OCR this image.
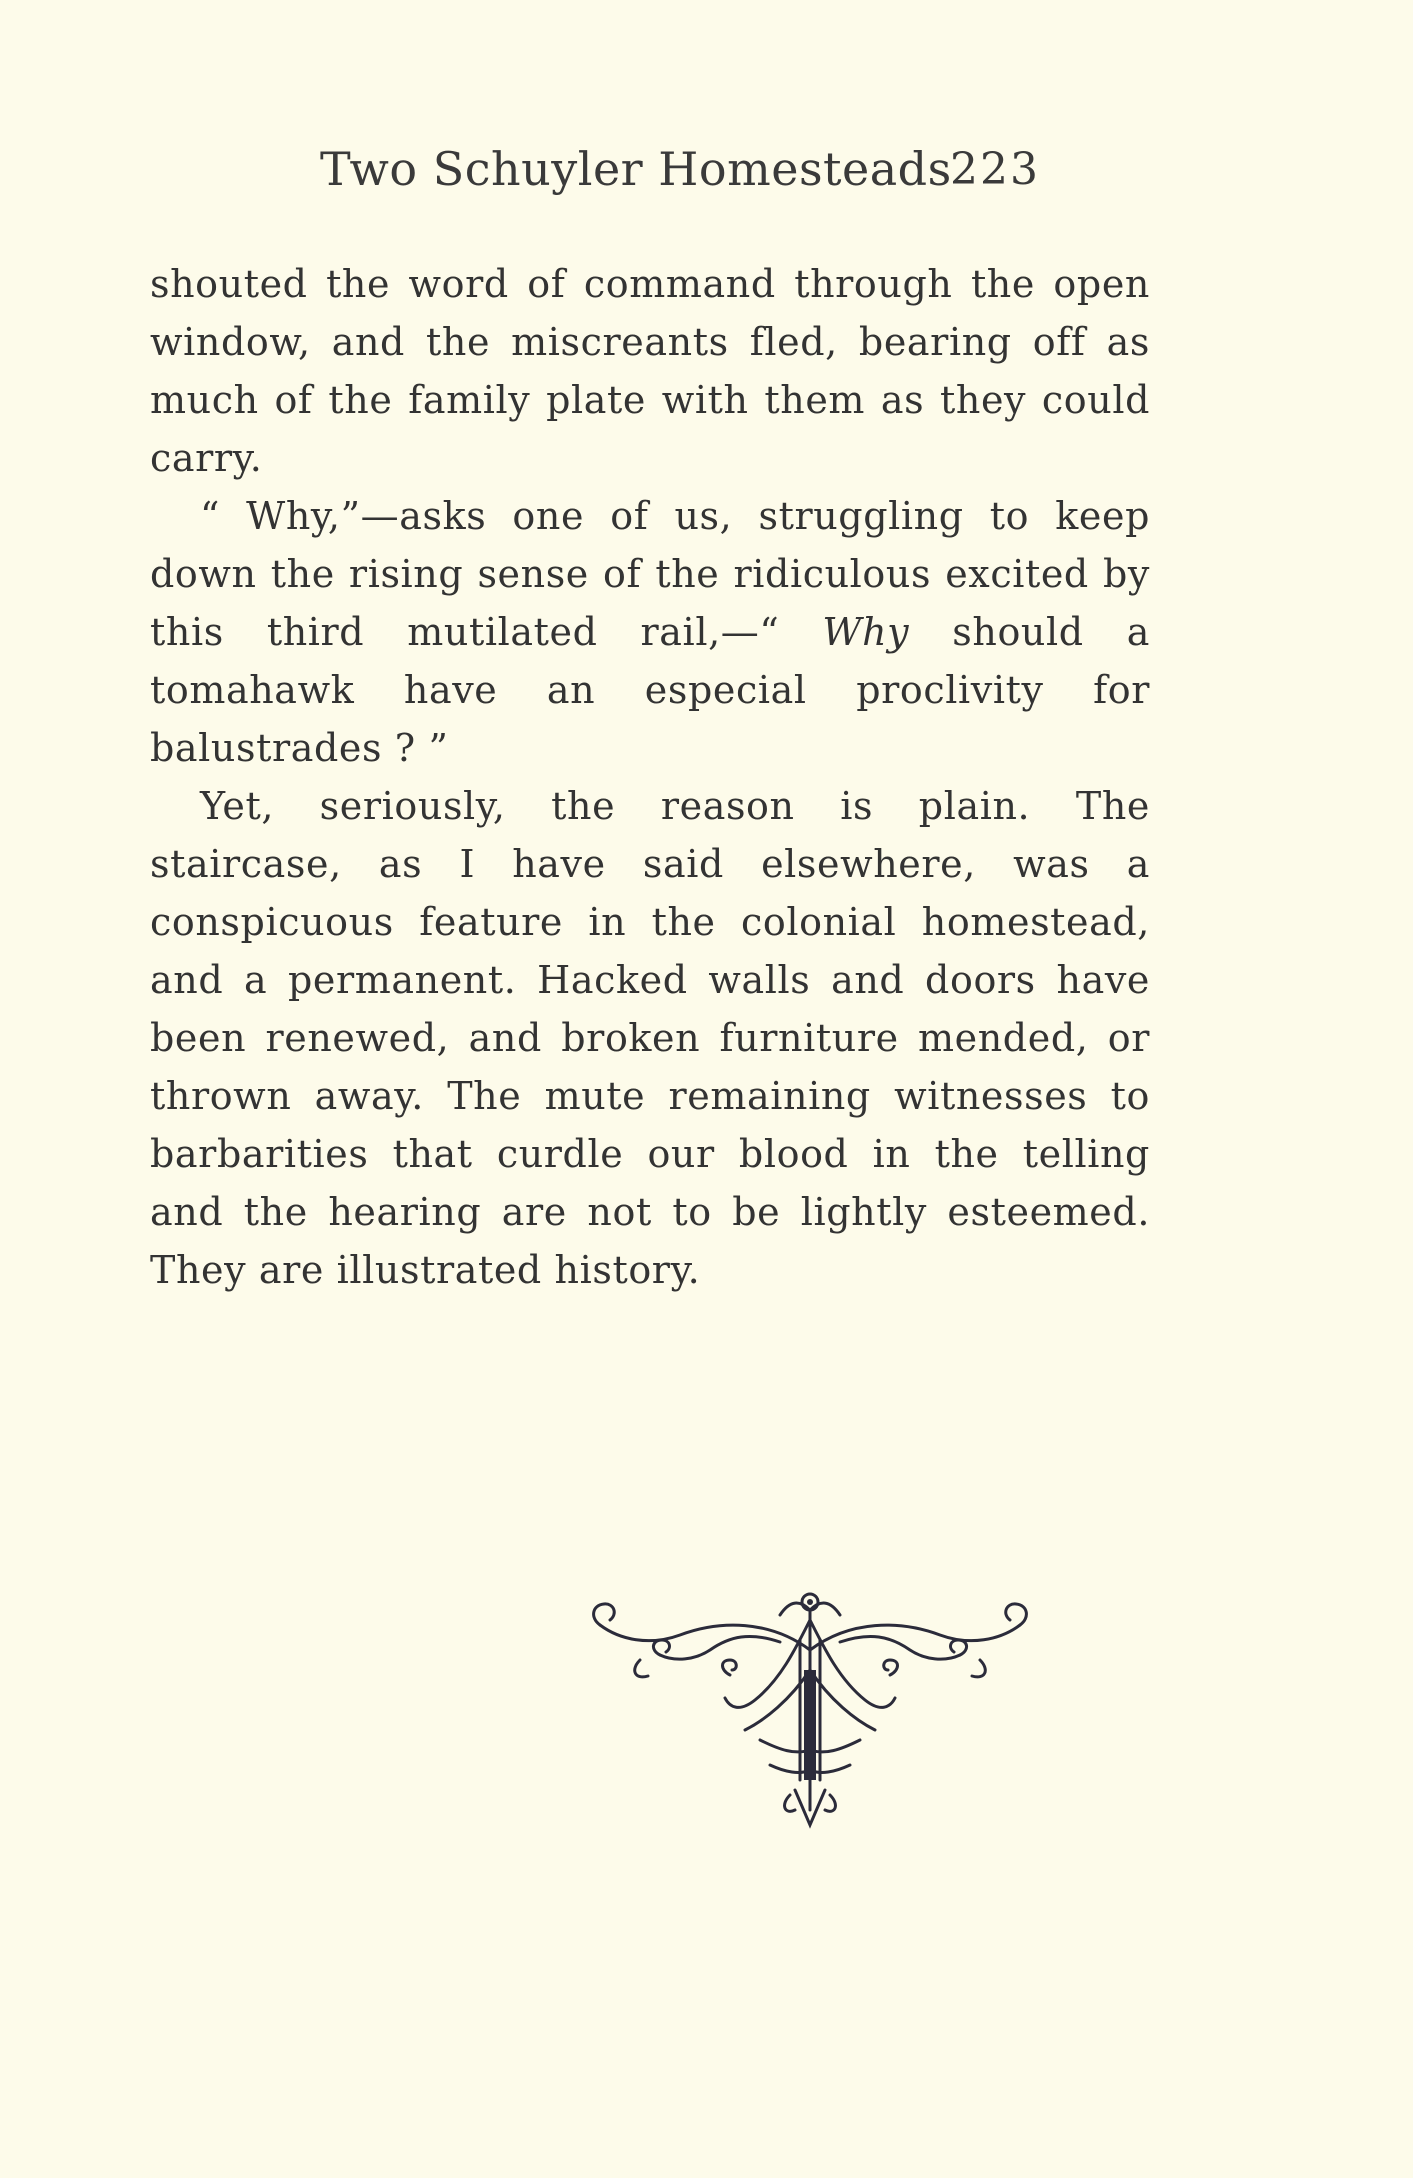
Two Schuyler Homesteads
223

shouted the word of command through the open window, and the miscreants fled, bearing off as much of the family plate with them as they could carry.

“ Why,”—asks one of us, struggling to keep down the rising sense of the ridiculous excited by this third mutilated rail,—“ Why should a tomahawk have an especial proclivity for balustrades ? ”

Yet, seriously, the reason is plain. The staircase, as I have said elsewhere, was a conspicuous feature in the colonial homestead, and a permanent. Hacked walls and doors have been renewed, and broken furniture mended, or thrown away. The mute remaining witnesses to barbarities that curdle our blood in the telling and the hearing are not to be lightly esteemed. They are illustrated history.
